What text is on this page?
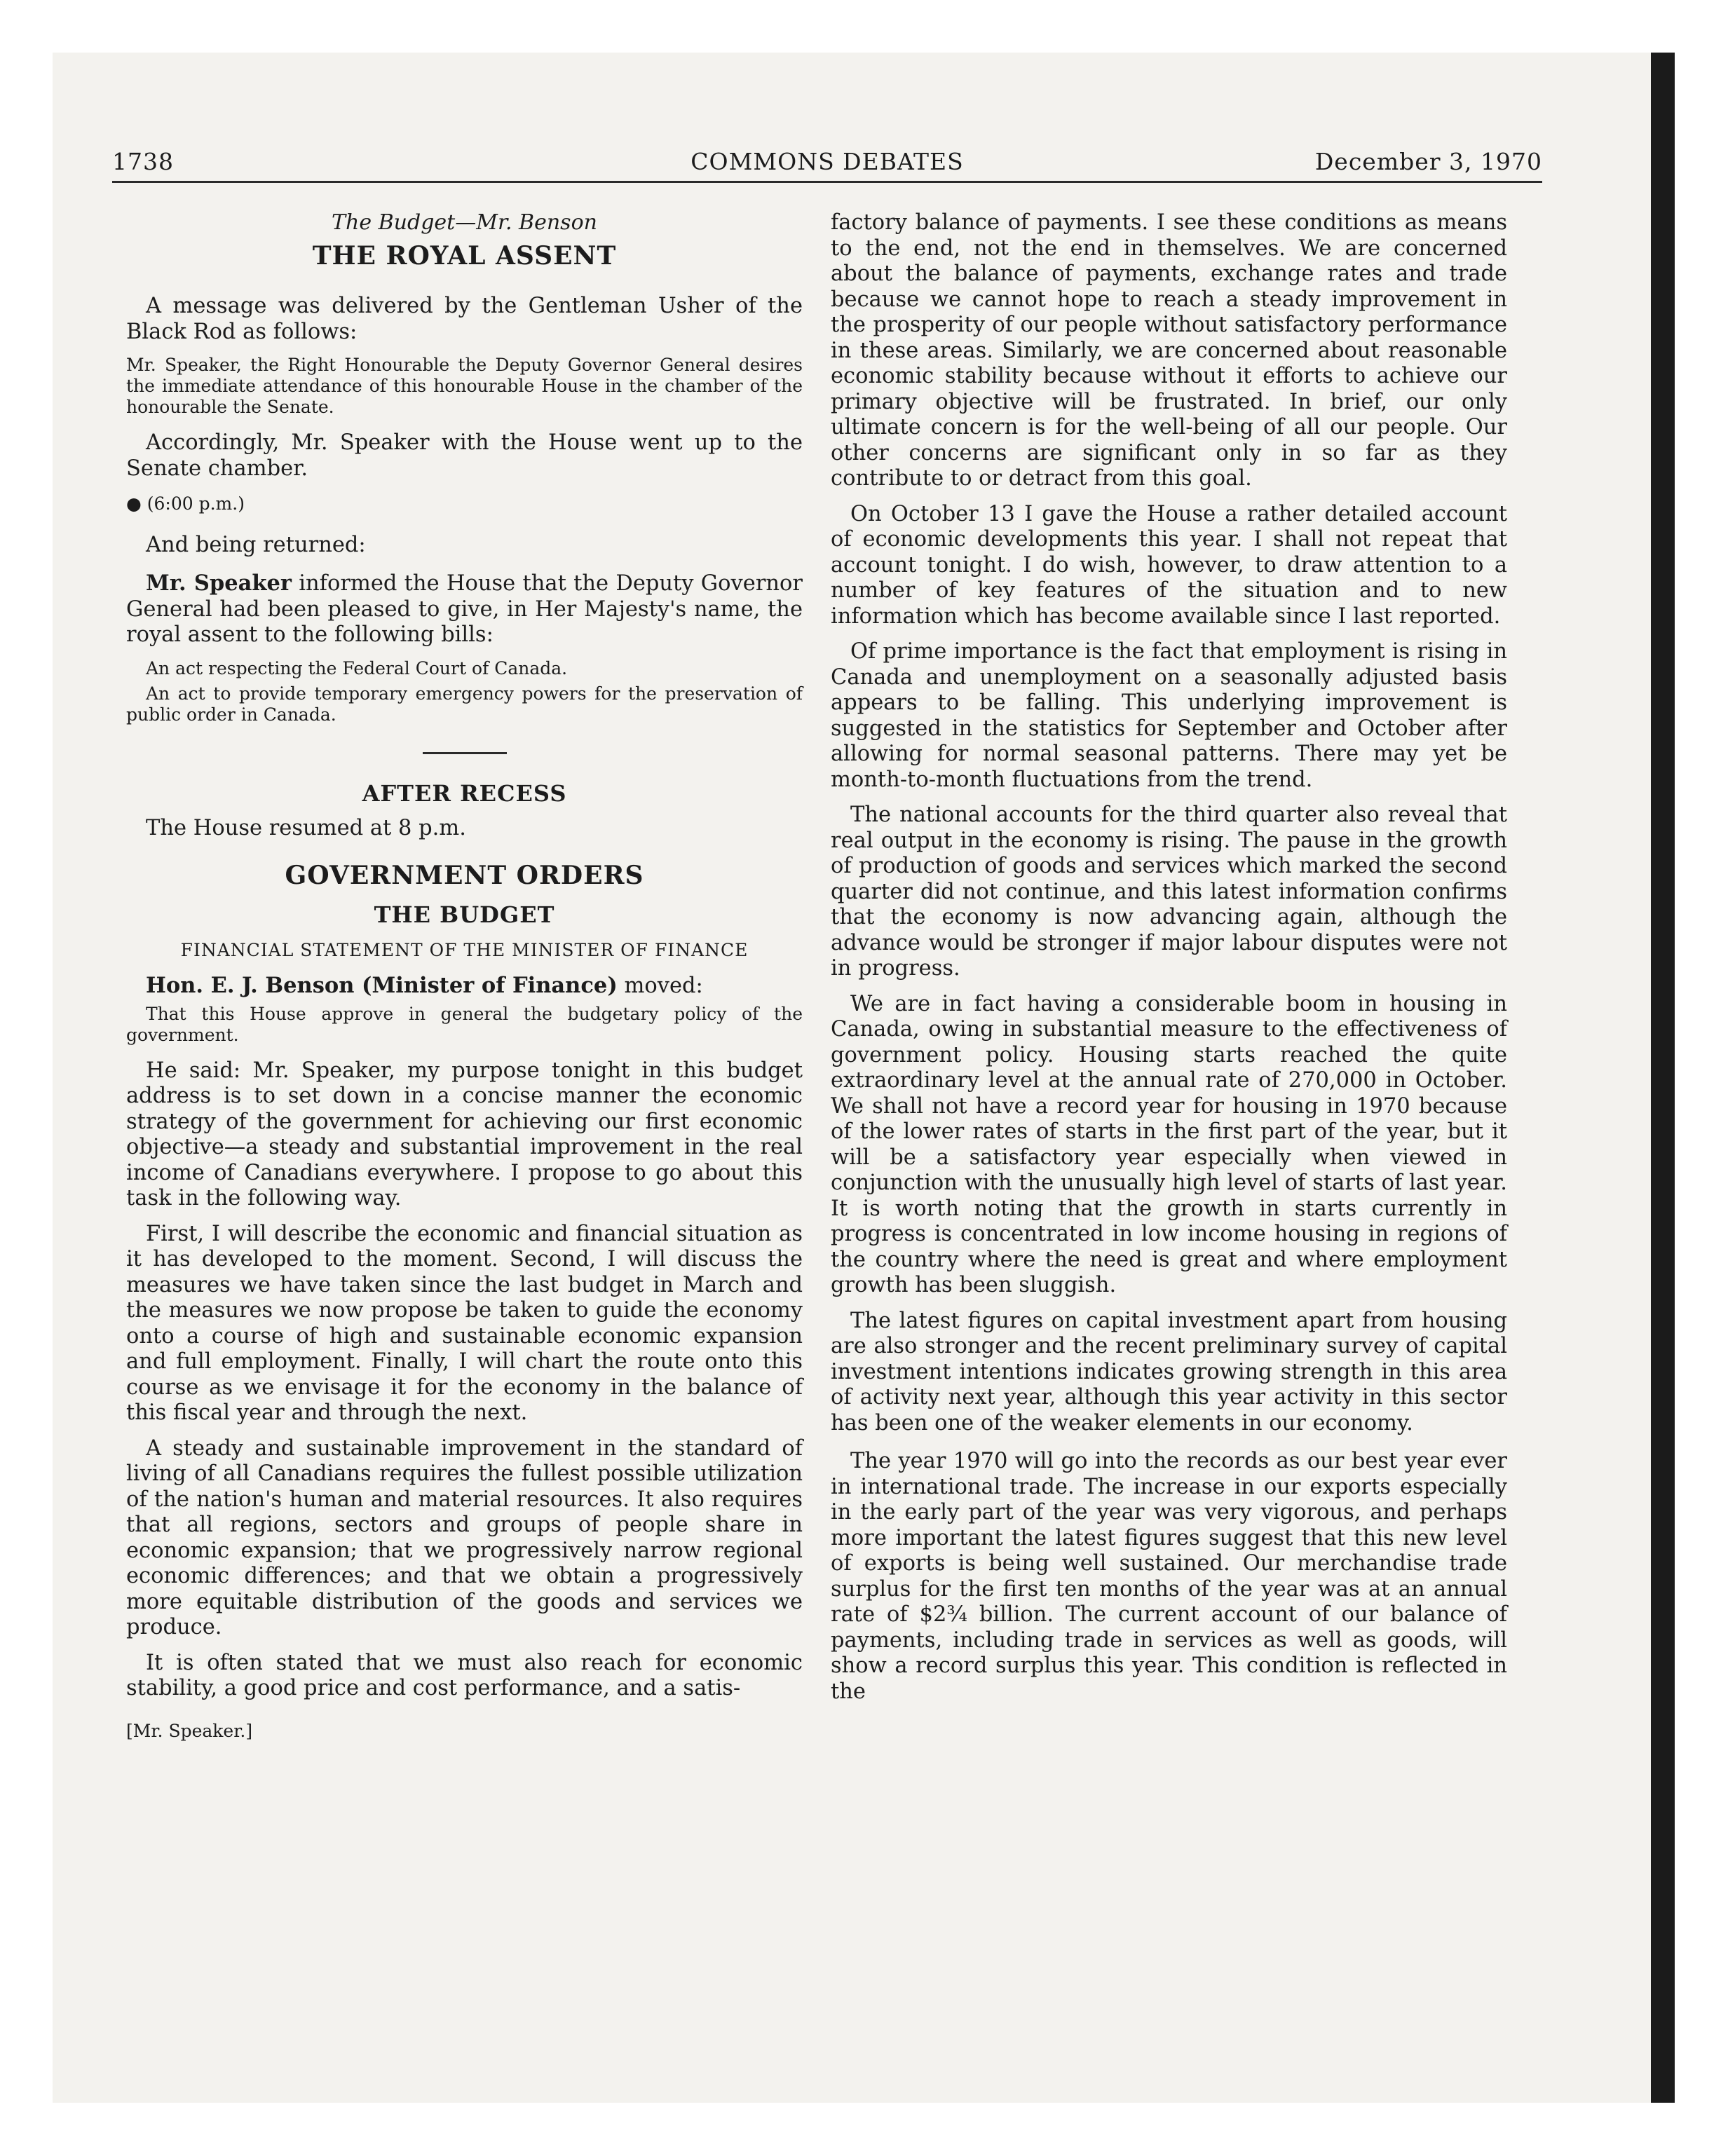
1738	COMMONS DEBATES	December 3, 1970
The Budget—Mr. Benson
THE ROYAL ASSENT

A message was delivered by the Gentleman Usher of the Black Rod as follows:

Mr. Speaker, the Right Honourable the Deputy Governor General desires the immediate attendance of this honourable House in the chamber of the honourable the Senate.

Accordingly, Mr. Speaker with the House went up to the Senate chamber.

● (6:00 p.m.)

And being returned:

Mr. Speaker informed the House that the Deputy Governor General had been pleased to give, in Her Majesty's name, the royal assent to the following bills:

An act respecting the Federal Court of Canada.

An act to provide temporary emergency powers for the preservation of public order in Canada.

AFTER RECESS

The House resumed at 8 p.m.

GOVERNMENT ORDERS
THE BUDGET
FINANCIAL STATEMENT OF THE MINISTER OF FINANCE

Hon. E. J. Benson (Minister of Finance) moved:

That this House approve in general the budgetary policy of the government.

He said: Mr. Speaker, my purpose tonight in this budget address is to set down in a concise manner the economic strategy of the government for achieving our first economic objective—a steady and substantial improvement in the real income of Canadians everywhere. I propose to go about this task in the following way.

First, I will describe the economic and financial situation as it has developed to the moment. Second, I will discuss the measures we have taken since the last budget in March and the measures we now propose be taken to guide the economy onto a course of high and sustainable economic expansion and full employment. Finally, I will chart the route onto this course as we envisage it for the economy in the balance of this fiscal year and through the next.

A steady and sustainable improvement in the standard of living of all Canadians requires the fullest possible utilization of the nation's human and material resources. It also requires that all regions, sectors and groups of people share in economic expansion; that we progressively narrow regional economic differences; and that we obtain a progressively more equitable distribution of the goods and services we produce.

It is often stated that we must also reach for economic stability, a good price and cost performance, and a satis-

[Mr. Speaker.]

factory balance of payments. I see these conditions as means to the end, not the end in themselves. We are concerned about the balance of payments, exchange rates and trade because we cannot hope to reach a steady improvement in the prosperity of our people without satisfactory performance in these areas. Similarly, we are concerned about reasonable economic stability because without it efforts to achieve our primary objective will be frustrated. In brief, our only ultimate concern is for the well-being of all our people. Our other concerns are significant only in so far as they contribute to or detract from this goal.

On October 13 I gave the House a rather detailed account of economic developments this year. I shall not repeat that account tonight. I do wish, however, to draw attention to a number of key features of the situation and to new information which has become available since I last reported.

Of prime importance is the fact that employment is rising in Canada and unemployment on a seasonally adjusted basis appears to be falling. This underlying improvement is suggested in the statistics for September and October after allowing for normal seasonal patterns. There may yet be month-to-month fluctuations from the trend.

The national accounts for the third quarter also reveal that real output in the economy is rising. The pause in the growth of production of goods and services which marked the second quarter did not continue, and this latest information confirms that the economy is now advancing again, although the advance would be stronger if major labour disputes were not in progress.

We are in fact having a considerable boom in housing in Canada, owing in substantial measure to the effectiveness of government policy. Housing starts reached the quite extraordinary level at the annual rate of 270,000 in October. We shall not have a record year for housing in 1970 because of the lower rates of starts in the first part of the year, but it will be a satisfactory year especially when viewed in conjunction with the unusually high level of starts of last year. It is worth noting that the growth in starts currently in progress is concentrated in low income housing in regions of the country where the need is great and where employment growth has been sluggish.

The latest figures on capital investment apart from housing are also stronger and the recent preliminary survey of capital investment intentions indicates growing strength in this area of activity next year, although this year activity in this sector has been one of the weaker elements in our economy.

The year 1970 will go into the records as our best year ever in international trade. The increase in our exports especially in the early part of the year was very vigorous, and perhaps more important the latest figures suggest that this new level of exports is being well sustained. Our merchandise trade surplus for the first ten months of the year was at an annual rate of $2¾ billion. The current account of our balance of payments, including trade in services as well as goods, will show a record surplus this year. This condition is reflected in the
